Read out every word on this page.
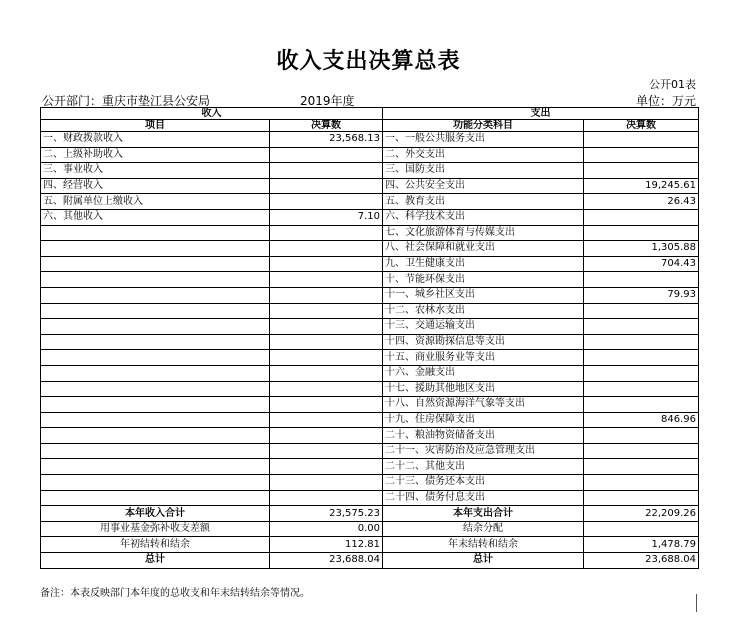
收入支出决算总表
公开01表
公开部门：重庆市垫江县公安局	2019年度	单位：万元
收入		支出	
项目	决算数	功能分类科目	决算数
一、财政拨款收入	23,568.13	一、一般公共服务支出	
二、上级补助收入		二、外交支出	
三、事业收入		三、国防支出	
四、经营收入		四、公共安全支出	19,245.61
五、附属单位上缴收入		五、教育支出	26.43
六、其他收入	7.10	六、科学技术支出	
		七、文化旅游体育与传媒支出	
		八、社会保障和就业支出	1,305.88
		九、卫生健康支出	704.43
		十、节能环保支出	
		十一、城乡社区支出	79.93
		十二、农林水支出	
		十三、交通运输支出	
		十四、资源勘探信息等支出	
		十五、商业服务业等支出	
		十六、金融支出	
		十七、援助其他地区支出	
		十八、自然资源海洋气象等支出	
		十九、住房保障支出	846.96
		二十、粮油物资储备支出	
		二十一、灾害防治及应急管理支出	
		二十二、其他支出	
		二十三、债务还本支出	
		二十四、债务付息支出	
本年收入合计	23,575.23	本年支出合计	22,209.26
用事业基金弥补收支差额	0.00	结余分配	
年初结转和结余	112.81	年末结转和结余	1,478.79
总计	23,688.04	总计	23,688.04
备注：本表反映部门本年度的总收支和年末结转结余等情况。
